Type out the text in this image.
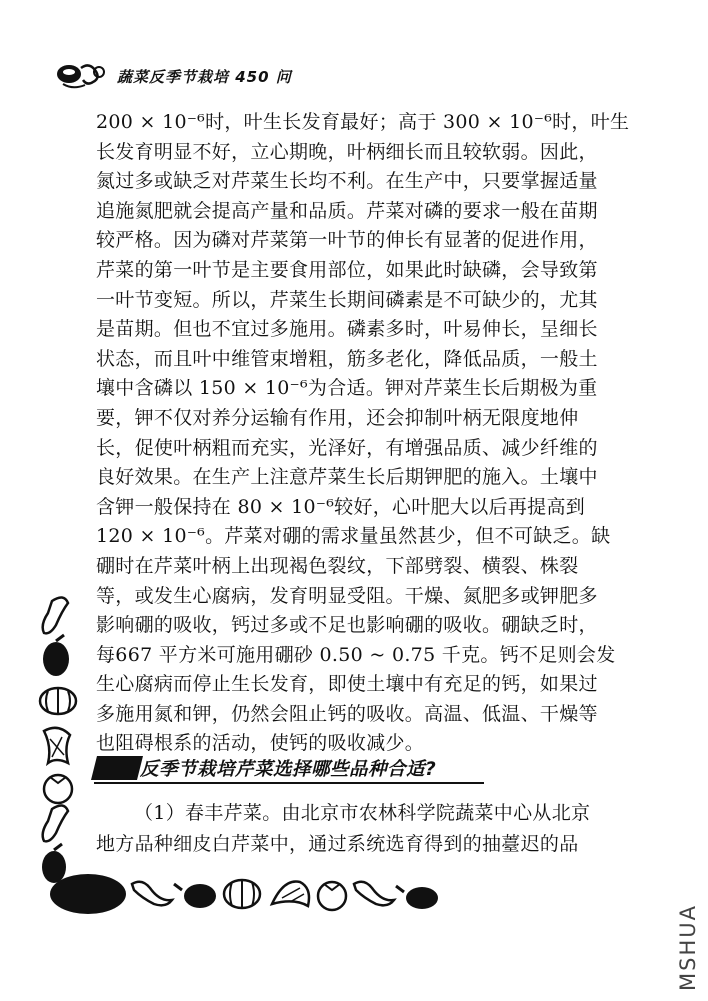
蔬菜反季节栽培 450 问

200 × 10⁻⁶时，叶生长发育最好；高于 300 × 10⁻⁶时，叶生

长发育明显不好，立心期晚，叶柄细长而且较软弱。因此，

氮过多或缺乏对芹菜生长均不利。在生产中，只要掌握适量

追施氮肥就会提高产量和品质。芹菜对磷的要求一般在苗期

较严格。因为磷对芹菜第一叶节的伸长有显著的促进作用，

芹菜的第一叶节是主要食用部位，如果此时缺磷，会导致第

一叶节变短。所以，芹菜生长期间磷素是不可缺少的，尤其

是苗期。但也不宜过多施用。磷素多时，叶易伸长，呈细长

状态，而且叶中维管束增粗，筋多老化，降低品质，一般土

壤中含磷以 150 × 10⁻⁶为合适。钾对芹菜生长后期极为重

要，钾不仅对养分运输有作用，还会抑制叶柄无限度地伸

长，促使叶柄粗而充实，光泽好，有增强品质、减少纤维的

良好效果。在生产上注意芹菜生长后期钾肥的施入。土壤中

含钾一般保持在 80 × 10⁻⁶较好，心叶肥大以后再提高到

120 × 10⁻⁶。芹菜对硼的需求量虽然甚少，但不可缺乏。缺

硼时在芹菜叶柄上出现褐色裂纹，下部劈裂、横裂、株裂

等，或发生心腐病，发育明显受阻。干燥、氮肥多或钾肥多

影响硼的吸收，钙过多或不足也影响硼的吸收。硼缺乏时，

每667 平方米可施用硼砂 0.50 ~ 0.75 千克。钙不足则会发

生心腐病而停止生长发育，即使土壤中有充足的钙，如果过

多施用氮和钾，仍然会阻止钙的吸收。高温、低温、干燥等

也阻碍根系的活动，使钙的吸收减少。

反季节栽培芹菜选择哪些品种合适?

（1）春丰芹菜。由北京市农林科学院蔬菜中心从北京

地方品种细皮白芹菜中，通过系统选育得到的抽薹迟的品

MSHUA
